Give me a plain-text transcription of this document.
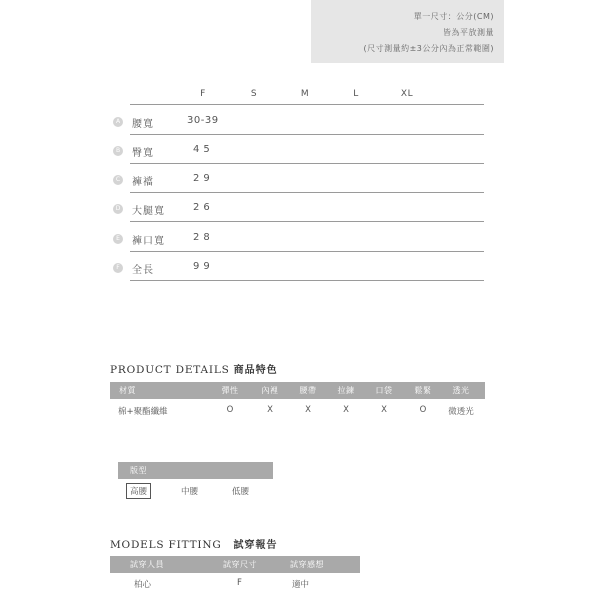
單一尺寸：公分(CM)
皆為平放測量
(尺寸測量約±3公分內為正常範圍)
F	S	M	L	XL
A 腰寬	30-39
B 臀寬	45
C 褲襠	29
D 大腿寬	26
E	褲口寬	28
F	全長	99
PRODUCT DETAILS 商品特色
材質	彈性	內裡	腰帶	拉鍊	口袋	鬆緊	透光
棉+聚酯纖維	O	X	X	X	X	O	微透光
版型
高腰	中腰	低腰
MODELS FITTING 試穿報告
試穿人員	試穿尺寸	試穿感想
柏心	F	適中
